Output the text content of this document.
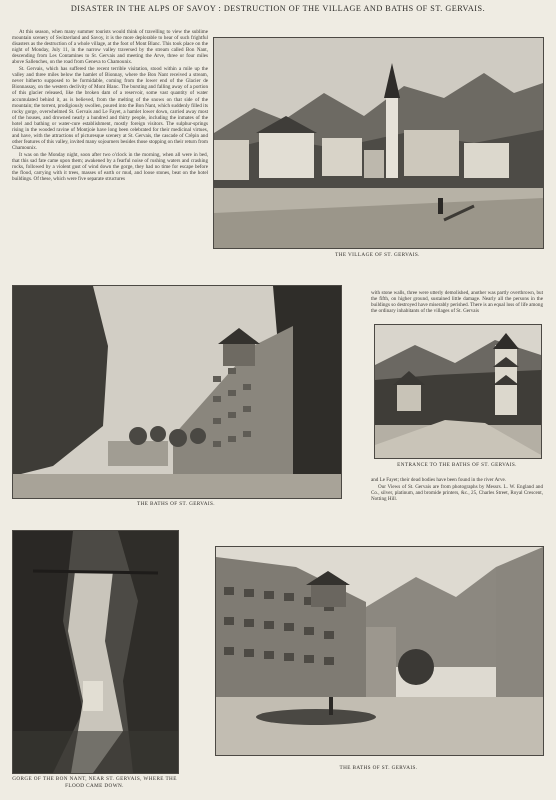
DISASTER IN THE ALPS OF SAVOY : DESTRUCTION OF THE VILLAGE AND BATHS OF ST. GERVAIS.

At this season, when many summer tourists would think of travelling to view the sublime mountain scenery of Switzerland and Savoy, it is the more deplorable to hear of such frightful disasters as the destruction of a whole village, at the foot of Mont Blanc. This took place on the night of Monday, July 11, in the narrow valley traversed by the stream called Bon Nant, descending from Les Contamines to St. Gervais and meeting the Arve, three or four miles above Sallenches, on the road from Geneva to Chamounix.

St. Gervais, which has suffered the recent terrible visitation, stood within a mile up the valley and three miles below the hamlet of Bionnay, where the Bon Nant received a stream, never hitherto supposed to be formidable, coming from the lower end of the Glacier de Bionnassay, on the western declivity of Mont Blanc. The bursting and falling away of a portion of this glacier released, like the broken dam of a reservoir, some vast quantity of water accumulated behind it, as is believed, from the melting of the snows on that side of the mountain; the torrent, prodigiously swollen, poured into the Bon Nant, which suddenly filled its rocky gorge, overwhelmed St. Gervais and Le Fayet, a hamlet lower down, carried away most of the houses, and drowned nearly a hundred and thirty people, including the inmates of the hotel and bathing or water-cure establishment, mostly foreign visitors. The sulphur-springs rising in the wooded ravine of Montjoie have long been celebrated for their medicinal virtues, and have, with the attractions of picturesque scenery at St. Gervais, the cascade of Crêpin and other features of this valley, invited many sojourners besides those stopping on their return from Chamounix.

It was on the Monday night, soon after two o'clock in the morning, when all were in bed, that this sad fate came upon them; awakened by a fearful noise of rushing waters and crashing rocks, followed by a violent gust of wind down the gorge, they had no time for escape before the flood, carrying with it trees, masses of earth or mud, and loose stones, beat on the hotel buildings. Of these, which were five separate structures

THE VILLAGE OF ST. GERVAIS.
THE BATHS OF ST. GERVAIS.

with stone walls, three were utterly demolished, another was partly overthrown, but the fifth, on higher ground, sustained little damage. Nearly all the persons in the buildings so destroyed have miserably perished. There is an equal loss of life among the ordinary inhabitants of the villages of St. Gervais

ENTRANCE TO THE BATHS OF ST. GERVAIS.

and Le Fayet; their dead bodies have been found in the river Arve.

Our Views of St. Gervais are from photographs by Messrs. L. W. England and Co., silver, platinum, and bromide printers, &c., 25, Charles Street, Royal Crescent, Notting Hill.

GORGE OF THE BON NANT, NEAR ST. GERVAIS, WHERE THE FLOOD CAME DOWN.
THE BATHS OF ST. GERVAIS.
